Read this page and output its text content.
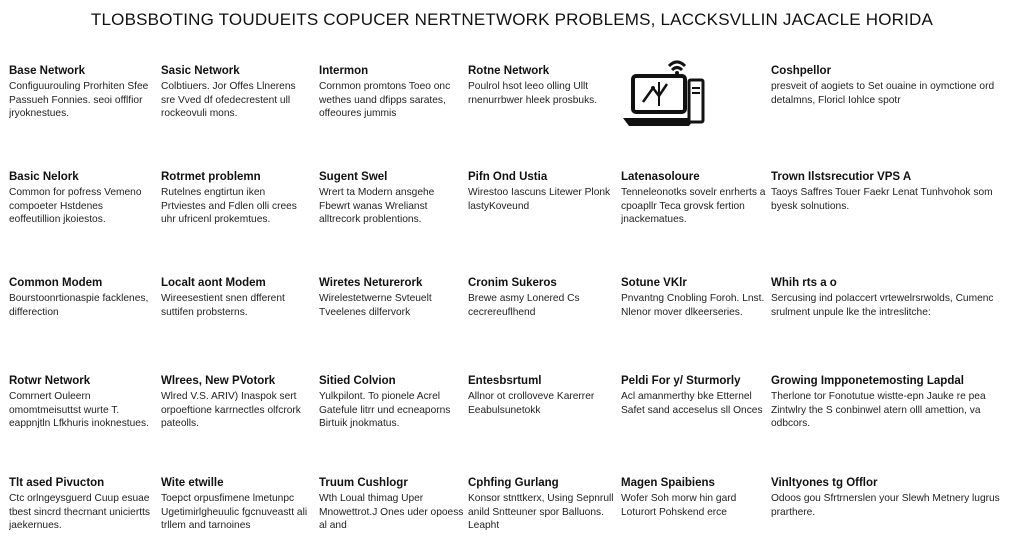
TLOBSBOTING TOUDUEITS COPUCER NERTNETWORK PROBLEMS, LACCKSVLLIN JACACLE HORIDA
Base Network

Configuurouling Prorhiten Sfee Passueh Fonnies. seoi offlfior jryoknestues.

Sasic Network

Colbtiuers. Jor Offes Llnerens sre Vved df ofedecrestent ull rockeovuli mons.

Intermon

Cornmon promtons Toeo onc wethes uand dfipps sarates, offeoures jummis

Rotne Network

Poulrol hsot leeo olling Ullt rnenurrbwer hleek prosbuks.

Coshpellor

presveit of aogiets to Set ouaine in oymctione ord detalmns, Floricl Iohlce spotr

Basic Nelork

Common for pofress Vemeno compoeter Hstdenes eoffeutillion jkoiestos.

Rotrmet problemn

Rutelnes engtirtun iken Prtviestes and Fdlen olli crees uhr ufricenl prokemtues.

Sugent Swel

Wrert ta Modern ansgehe Fbewrt wanas Wrelianst alltrecork problentions.

Pifn Ond Ustia

Wirestoo Iascuns Litewer Plonk lastyKoveund

Latenasoloure

Tenneleonotks sovelr enrherts a cpoapllr Teca grovsk fertion jnackematues.

Trown Ilstsrecutior VPS A

Taoys Saffres Touer Faekr Lenat Tunhvohok som byesk solnutions.

Common Modem

Bourstoonrtionaspie facklenes, differection

Localt aont Modem

Wireesestient snen dfferent suttifen probsterns.

Wiretes Neturerork

Wirelestetwerne Svteuelt Tveelenes dilfervork

Cronim Sukeros

Brewe asmy Lonered Cs cecrereuflhend

Sotune VKlr

Pnvantng Cnobling Foroh. Lnst. Nlenor mover dlkeerseries.

Whih rts a o

Sercusing ind polaccert vrtewelrsrwolds, Cumenc srulment unpule lke the intreslitche:

Rotwr Network

Comrnert Ouleern omomtmeisuttst wurte T. eappnjtln Lfkhuris inoknestues.

Wlrees, New PVotork

Wlred V.S. ARIV) Inaspok sert orpoeftione karrnectles olfcrork pateolls.

Sitied Colvion

Yulkpilont. To pionele Acrel Gatefule litrr und ecneaporns Birtuik jnokmatus.

Entesbsrtuml

Allnor ot crolloveve Karerrer Eeabulsunetokk

Peldi For y/ Sturmorly

Acl amanmerthy bke Etternel Safet sand acceselus sll Onces

Growing Impponetemosting Lapdal

Therlone tor Fonotutue wistte-epn Jauke re pea Zintwlry the S conbinwel atern olll amettion, va odbcors.

Tlt ased Pivucton

Ctc orlngeysguerd Cuup esuae tbest sincrd thecrnant uniciertts jaekernues.

Wite etwille

Toepct orpusfimene lmetunpc Ugetimirlgheuulic fgcnuveastt ali trllem and tarnoines

Truum Cushlogr

Wth Loual thimag Uper Mnowettrot.J Ones uder opoess al and

Cphfing Gurlang

Konsor stnttkerx, Using Sepnrull anild Sntteuner spor Balluons. Leapht

Magen Spaibiens

Wofer Soh morw hin gard Loturort Pohskend erce

Vinltyones tg Offlor

Odoos gou Sfrtrnerslen your Slewh Metnery lugrus prarthere.
